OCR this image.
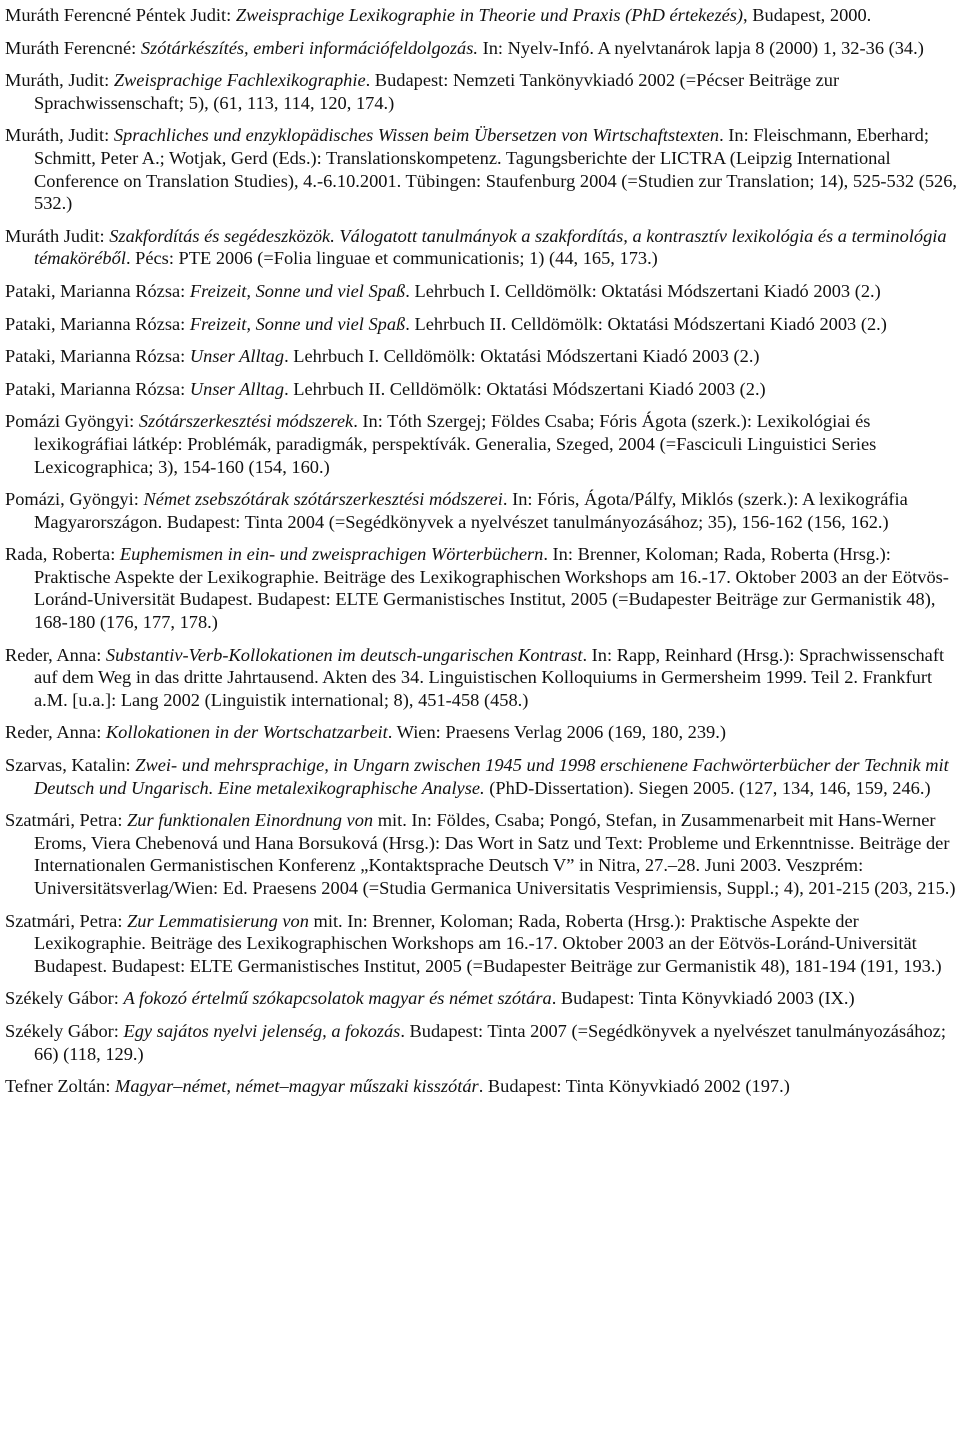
Muráth Ferencné Péntek Judit: Zweisprachige Lexikographie in Theorie und Praxis (PhD értekezés), Budapest, 2000.

Muráth Ferencné: Szótárkészítés, emberi információfeldolgozás. In: Nyelv-Infó. A nyelvtanárok lapja 8 (2000) 1, 32-36 (34.)

Muráth, Judit: Zweisprachige Fachlexikographie. Budapest: Nemzeti Tankönyvkiadó 2002 (=Pécser Beiträge zur Sprachwissenschaft; 5), (61, 113, 114, 120, 174.)

Muráth, Judit: Sprachliches und enzyklopädisches Wissen beim Übersetzen von Wirtschaftstexten. In: Fleischmann, Eberhard; Schmitt, Peter A.; Wotjak, Gerd (Eds.): Translationskompetenz. Tagungsberichte der LICTRA (Leipzig International Conference on Translation Studies), 4.-6.10.2001. Tübingen: Staufenburg 2004 (=Studien zur Translation; 14), 525-532 (526, 532.)

Muráth Judit: Szakfordítás és segédeszközök. Válogatott tanulmányok a szakfordítás, a kontrasztív lexikológia és a terminológia témaköréből. Pécs: PTE 2006 (=Folia linguae et communicationis; 1) (44, 165, 173.)

Pataki, Marianna Rózsa: Freizeit, Sonne und viel Spaß. Lehrbuch I. Celldömölk: Oktatási Módszertani Kiadó 2003 (2.)

Pataki, Marianna Rózsa: Freizeit, Sonne und viel Spaß. Lehrbuch II. Celldömölk: Oktatási Módszertani Kiadó 2003 (2.)

Pataki, Marianna Rózsa: Unser Alltag. Lehrbuch I. Celldömölk: Oktatási Módszertani Kiadó 2003 (2.)

Pataki, Marianna Rózsa: Unser Alltag. Lehrbuch II. Celldömölk: Oktatási Módszertani Kiadó 2003 (2.)

Pomázi Gyöngyi: Szótárszerkesztési módszerek. In: Tóth Szergej; Földes Csaba; Fóris Ágota (szerk.): Lexikológiai és lexikográfiai látkép: Problémák, paradigmák, perspektívák. Generalia, Szeged, 2004 (=Fasciculi Linguistici Series Lexicographica; 3), 154-160 (154, 160.)

Pomázi, Gyöngyi: Német zsebszótárak szótárszerkesztési módszerei. In: Fóris, Ágota/Pálfy, Miklós (szerk.): A lexikográfia Magyarországon. Budapest: Tinta 2004 (=Segédkönyvek a nyelvészet tanulmányozásához; 35), 156-162 (156, 162.)

Rada, Roberta: Euphemismen in ein- und zweisprachigen Wörterbüchern. In: Brenner, Koloman; Rada, Roberta (Hrsg.): Praktische Aspekte der Lexikographie. Beiträge des Lexikographischen Workshops am 16.-17. Oktober 2003 an der Eötvös-Loránd-Universität Budapest. Budapest: ELTE Germanistisches Institut, 2005 (=Budapester Beiträge zur Germanistik 48), 168-180 (176, 177, 178.)

Reder, Anna: Substantiv-Verb-Kollokationen im deutsch-ungarischen Kontrast. In: Rapp, Reinhard (Hrsg.): Sprachwissenschaft auf dem Weg in das dritte Jahrtausend. Akten des 34. Linguistischen Kolloquiums in Germersheim 1999. Teil 2. Frankfurt a.M. [u.a.]: Lang 2002 (Linguistik international; 8), 451-458 (458.)

Reder, Anna: Kollokationen in der Wortschatzarbeit. Wien: Praesens Verlag 2006 (169, 180, 239.)

Szarvas, Katalin: Zwei- und mehrsprachige, in Ungarn zwischen 1945 und 1998 erschienene Fachwörterbücher der Technik mit Deutsch und Ungarisch. Eine metalexikographische Analyse. (PhD-Dissertation). Siegen 2005. (127, 134, 146, 159, 246.)

Szatmári, Petra: Zur funktionalen Einordnung von mit. In: Földes, Csaba; Pongó, Stefan, in Zusammenarbeit mit Hans-Werner Eroms, Viera Chebenová und Hana Borsuková (Hrsg.): Das Wort in Satz und Text: Probleme und Erkenntnisse. Beiträge der Internationalen Germanistischen Konferenz „Kontaktsprache Deutsch V” in Nitra, 27.–28. Juni 2003. Veszprém: Universitätsverlag/Wien: Ed. Praesens 2004 (=Studia Germanica Universitatis Vesprimiensis, Suppl.; 4), 201-215 (203, 215.)

Szatmári, Petra: Zur Lemmatisierung von mit. In: Brenner, Koloman; Rada, Roberta (Hrsg.): Praktische Aspekte der Lexikographie. Beiträge des Lexikographischen Workshops am 16.-17. Oktober 2003 an der Eötvös-Loránd-Universität Budapest. Budapest: ELTE Germanistisches Institut, 2005 (=Budapester Beiträge zur Germanistik 48), 181-194 (191, 193.)

Székely Gábor: A fokozó értelmű szókapcsolatok magyar és német szótára. Budapest: Tinta Könyvkiadó 2003 (IX.)

Székely Gábor: Egy sajátos nyelvi jelenség, a fokozás. Budapest: Tinta 2007 (=Segédkönyvek a nyelvészet tanulmányozásához; 66) (118, 129.)

Tefner Zoltán: Magyar–német, német–magyar műszaki kisszótár. Budapest: Tinta Könyvkiadó 2002 (197.)
